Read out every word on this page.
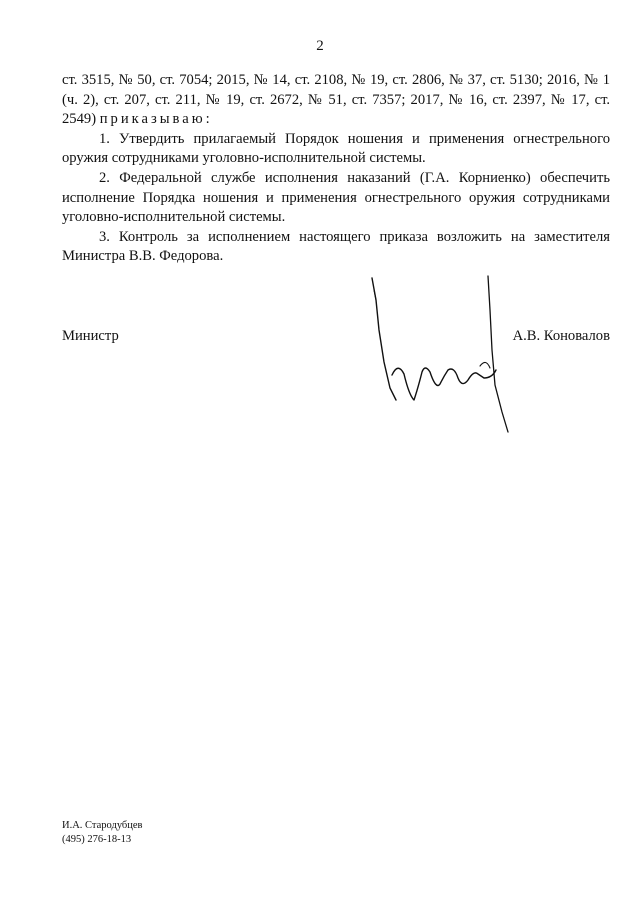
2

ст. 3515, № 50, ст. 7054; 2015, № 14, ст. 2108, № 19, ст. 2806, № 37, ст. 5130; 2016, № 1 (ч. 2), ст. 207, ст. 211, № 19, ст. 2672, № 51, ст. 7357; 2017, № 16, ст. 2397, № 17, ст. 2549) приказываю:

1. Утвердить прилагаемый Порядок ношения и применения огнестрельного оружия сотрудниками уголовно-исполнительной системы.

2. Федеральной службе исполнения наказаний (Г.А. Корниенко) обеспечить исполнение Порядка ношения и применения огнестрельного оружия сотрудниками уголовно-исполнительной системы.

3. Контроль за исполнением настоящего приказа возложить на заместителя Министра В.В. Федорова.

Министр	А.В. Коновалов
И.А. Стародубцев
(495) 276-18-13
